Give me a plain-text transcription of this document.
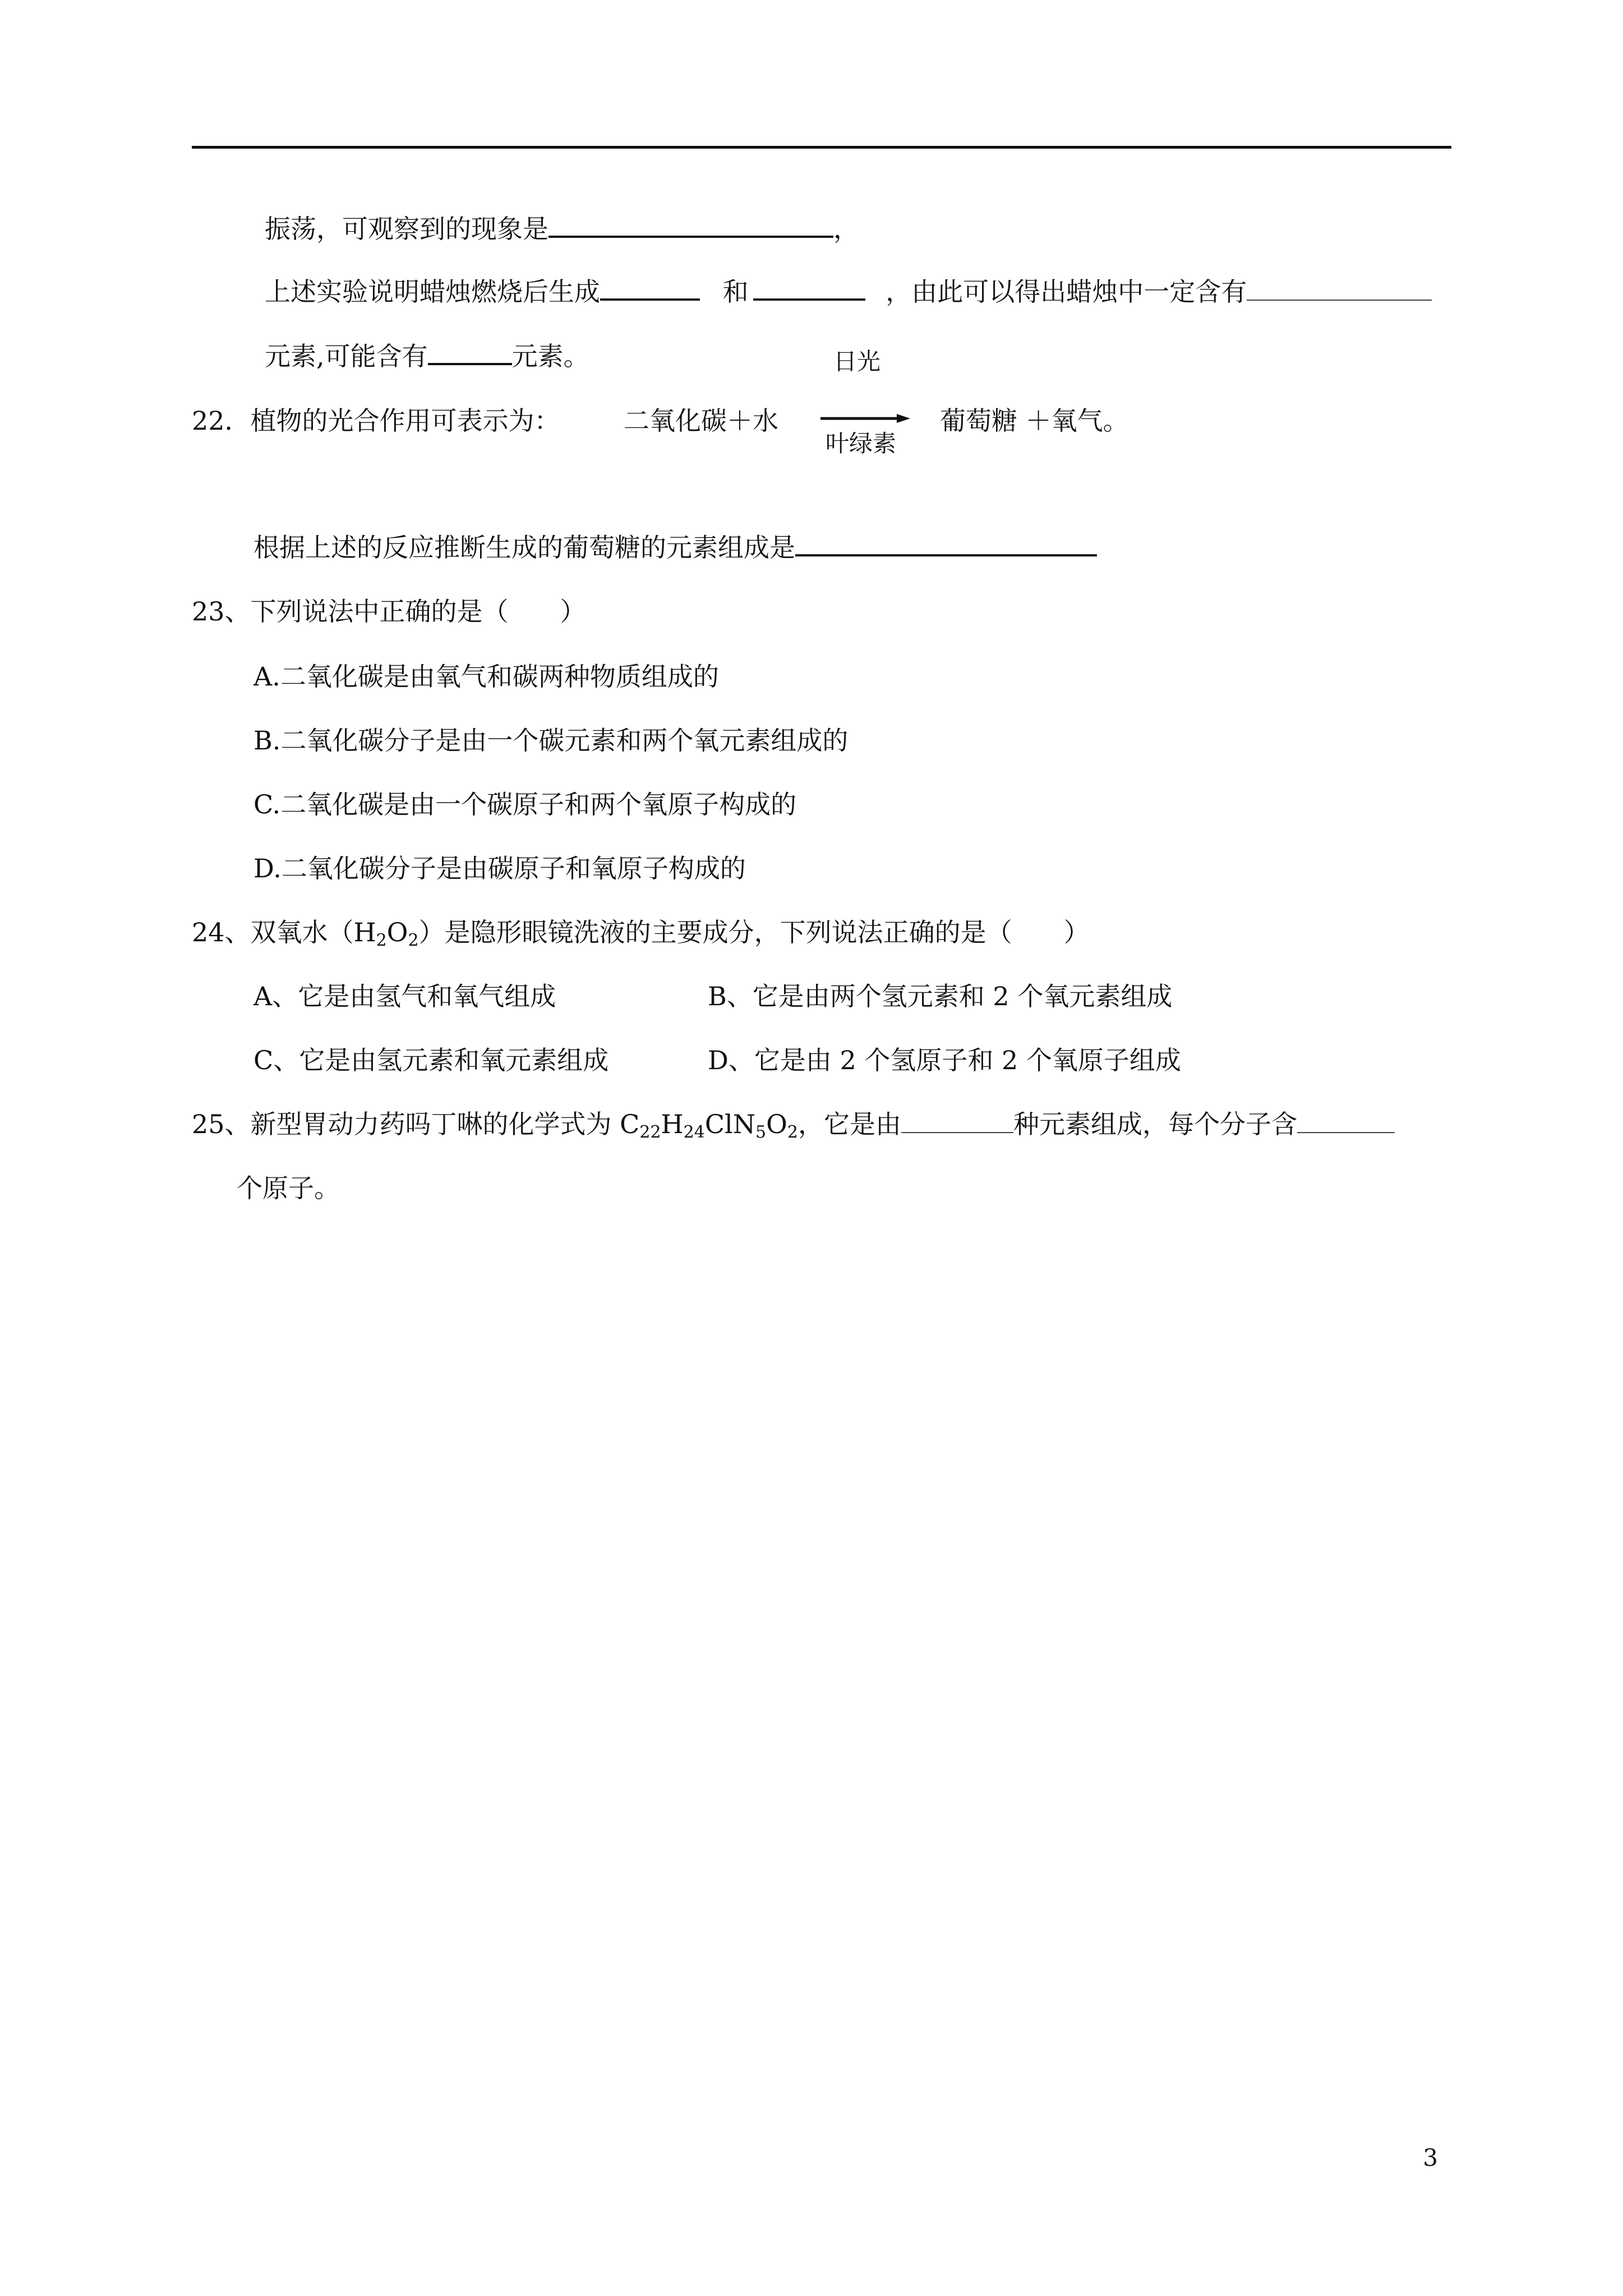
振荡，可观察到的现象是	，
上述实验说明蜡烛燃烧后生成	和	，由此可以得出蜡烛中一定含有
元素,可能含有	元素。	日光
22．植物的光合作用可表示为： 二氧化碳＋水
叶绿素
葡萄糖 ＋氧气。
根据上述的反应推断生成的葡萄糖的元素组成是
23、下列说法中正确的是（　　）
A.二氧化碳是由氧气和碳两种物质组成的
B.二氧化碳分子是由一个碳元素和两个氧元素组成的
C.二氧化碳是由一个碳原子和两个氧原子构成的
D.二氧化碳分子是由碳原子和氧原子构成的
24、双氧水$(H_2O_2)$是隐形眼镜洗液的主要成分，下列说法正确的是（　　）
A、它是由氢气和氧气组成	B、它是由两个氢元素和 2 个氧元素组成
C、它是由氢元素和氧元素组成	D、它是由 2 个氢原子和 2 个氧原子组成
25、新型胃动力药吗丁啉的化学式为 $C_{22}H_{24}ClN_5O_2$，它是由	种元素组成，每个分子含
个原子。
3
